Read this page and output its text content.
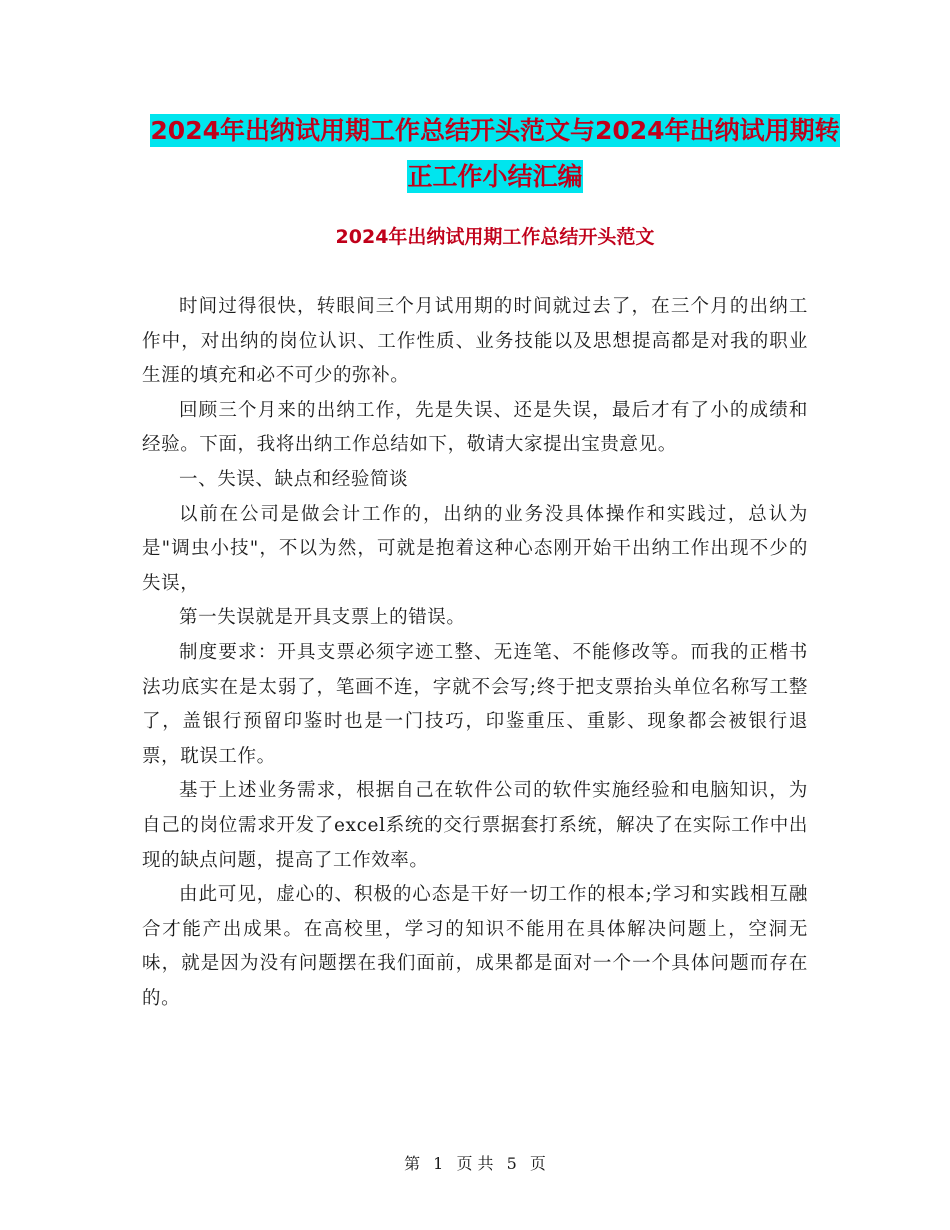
2024年出纳试用期工作总结开头范文与2024年出纳试用期转正工作小结汇编
2024年出纳试用期工作总结开头范文

时间过得很快，转眼间三个月试用期的时间就过去了，在三个月的出纳工作中，对出纳的岗位认识、工作性质、业务技能以及思想提高都是对我的职业生涯的填充和必不可少的弥补。

回顾三个月来的出纳工作，先是失误、还是失误，最后才有了小的成绩和经验。下面，我将出纳工作总结如下，敬请大家提出宝贵意见。

一、失误、缺点和经验简谈

以前在公司是做会计工作的，出纳的业务没具体操作和实践过，总认为是"调虫小技"，不以为然，可就是抱着这种心态刚开始干出纳工作出现不少的失误，

第一失误就是开具支票上的错误。

制度要求：开具支票必须字迹工整、无连笔、不能修改等。而我的正楷书法功底实在是太弱了，笔画不连，字就不会写;终于把支票抬头单位名称写工整了，盖银行预留印鉴时也是一门技巧，印鉴重压、重影、现象都会被银行退票，耽误工作。

基于上述业务需求，根据自己在软件公司的软件实施经验和电脑知识，为自己的岗位需求开发了excel系统的交行票据套打系统，解决了在实际工作中出现的缺点问题，提高了工作效率。

由此可见，虚心的、积极的心态是干好一切工作的根本;学习和实践相互融合才能产出成果。在高校里，学习的知识不能用在具体解决问题上，空洞无味，就是因为没有问题摆在我们面前，成果都是面对一个一个具体问题而存在的。

第 1 页 共 5 页
